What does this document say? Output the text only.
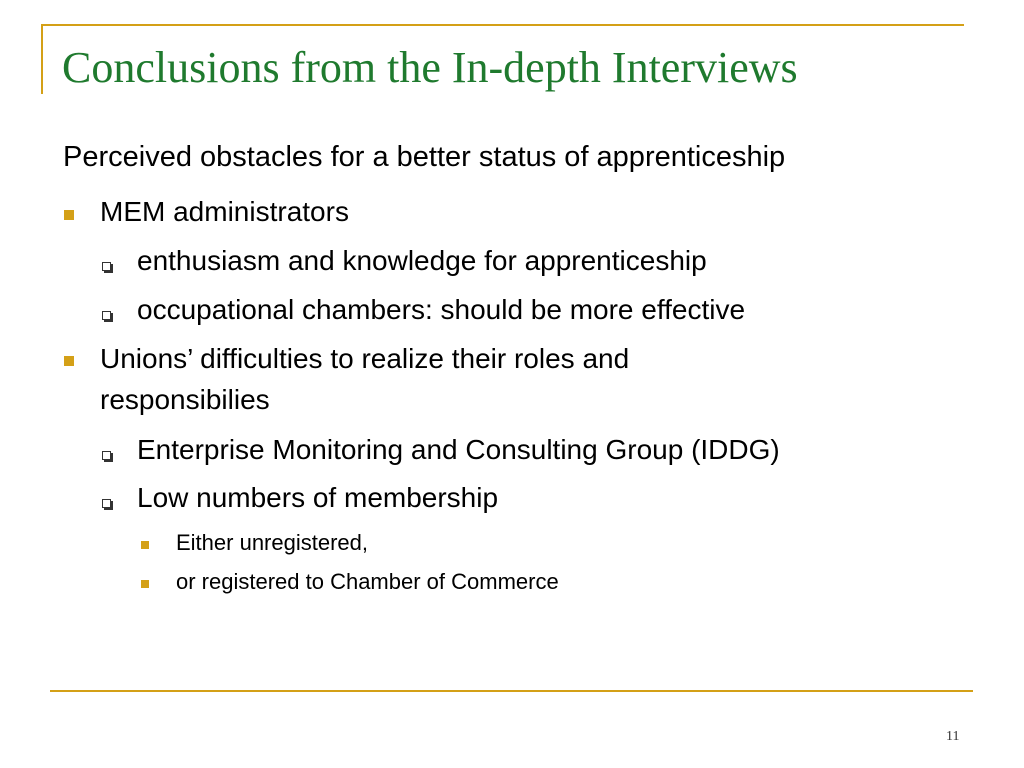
Conclusions from the In-depth Interviews
Perceived obstacles for a better status of apprenticeship
MEM administrators
enthusiasm and knowledge for apprenticeship
occupational chambers: should be more effective
Unions’ difficulties to realize their roles and
responsibilies
Enterprise Monitoring and Consulting Group (IDDG)
Low numbers of membership
Either unregistered,
or registered to Chamber of Commerce
11
